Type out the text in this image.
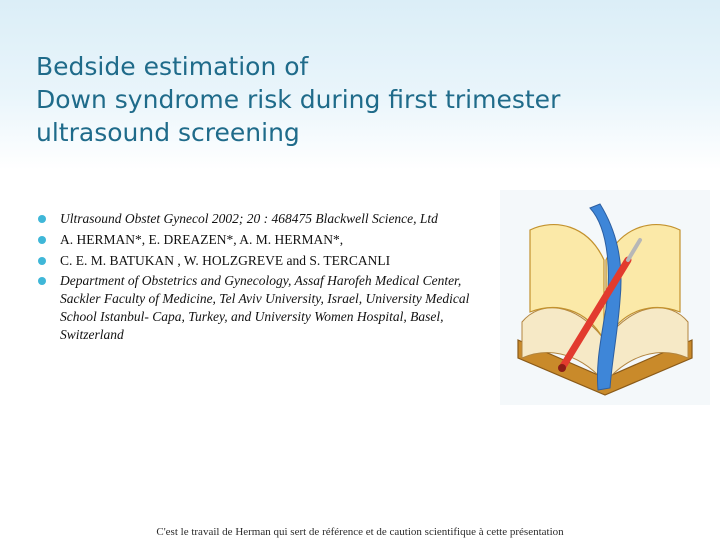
Bedside estimation of
Down syndrome risk during first trimester
ultrasound screening
Ultrasound Obstet Gynecol 2002; 20 : 468475 Blackwell Science, Ltd
A. HERMAN*, E. DREAZEN*, A. M. HERMAN*,
C. E. M. BATUKAN , W. HOLZGREVE and S. TERCANLI
Department of Obstetrics and Gynecology, Assaf Harofeh Medical Center, Sackler Faculty of Medicine, Tel Aviv University, Israel, University Medical School Istanbul- Capa, Turkey, and University Women Hospital, Basel, Switzerland
C'est le travail de Herman qui sert de référence et de caution scientifique à cette présentation
